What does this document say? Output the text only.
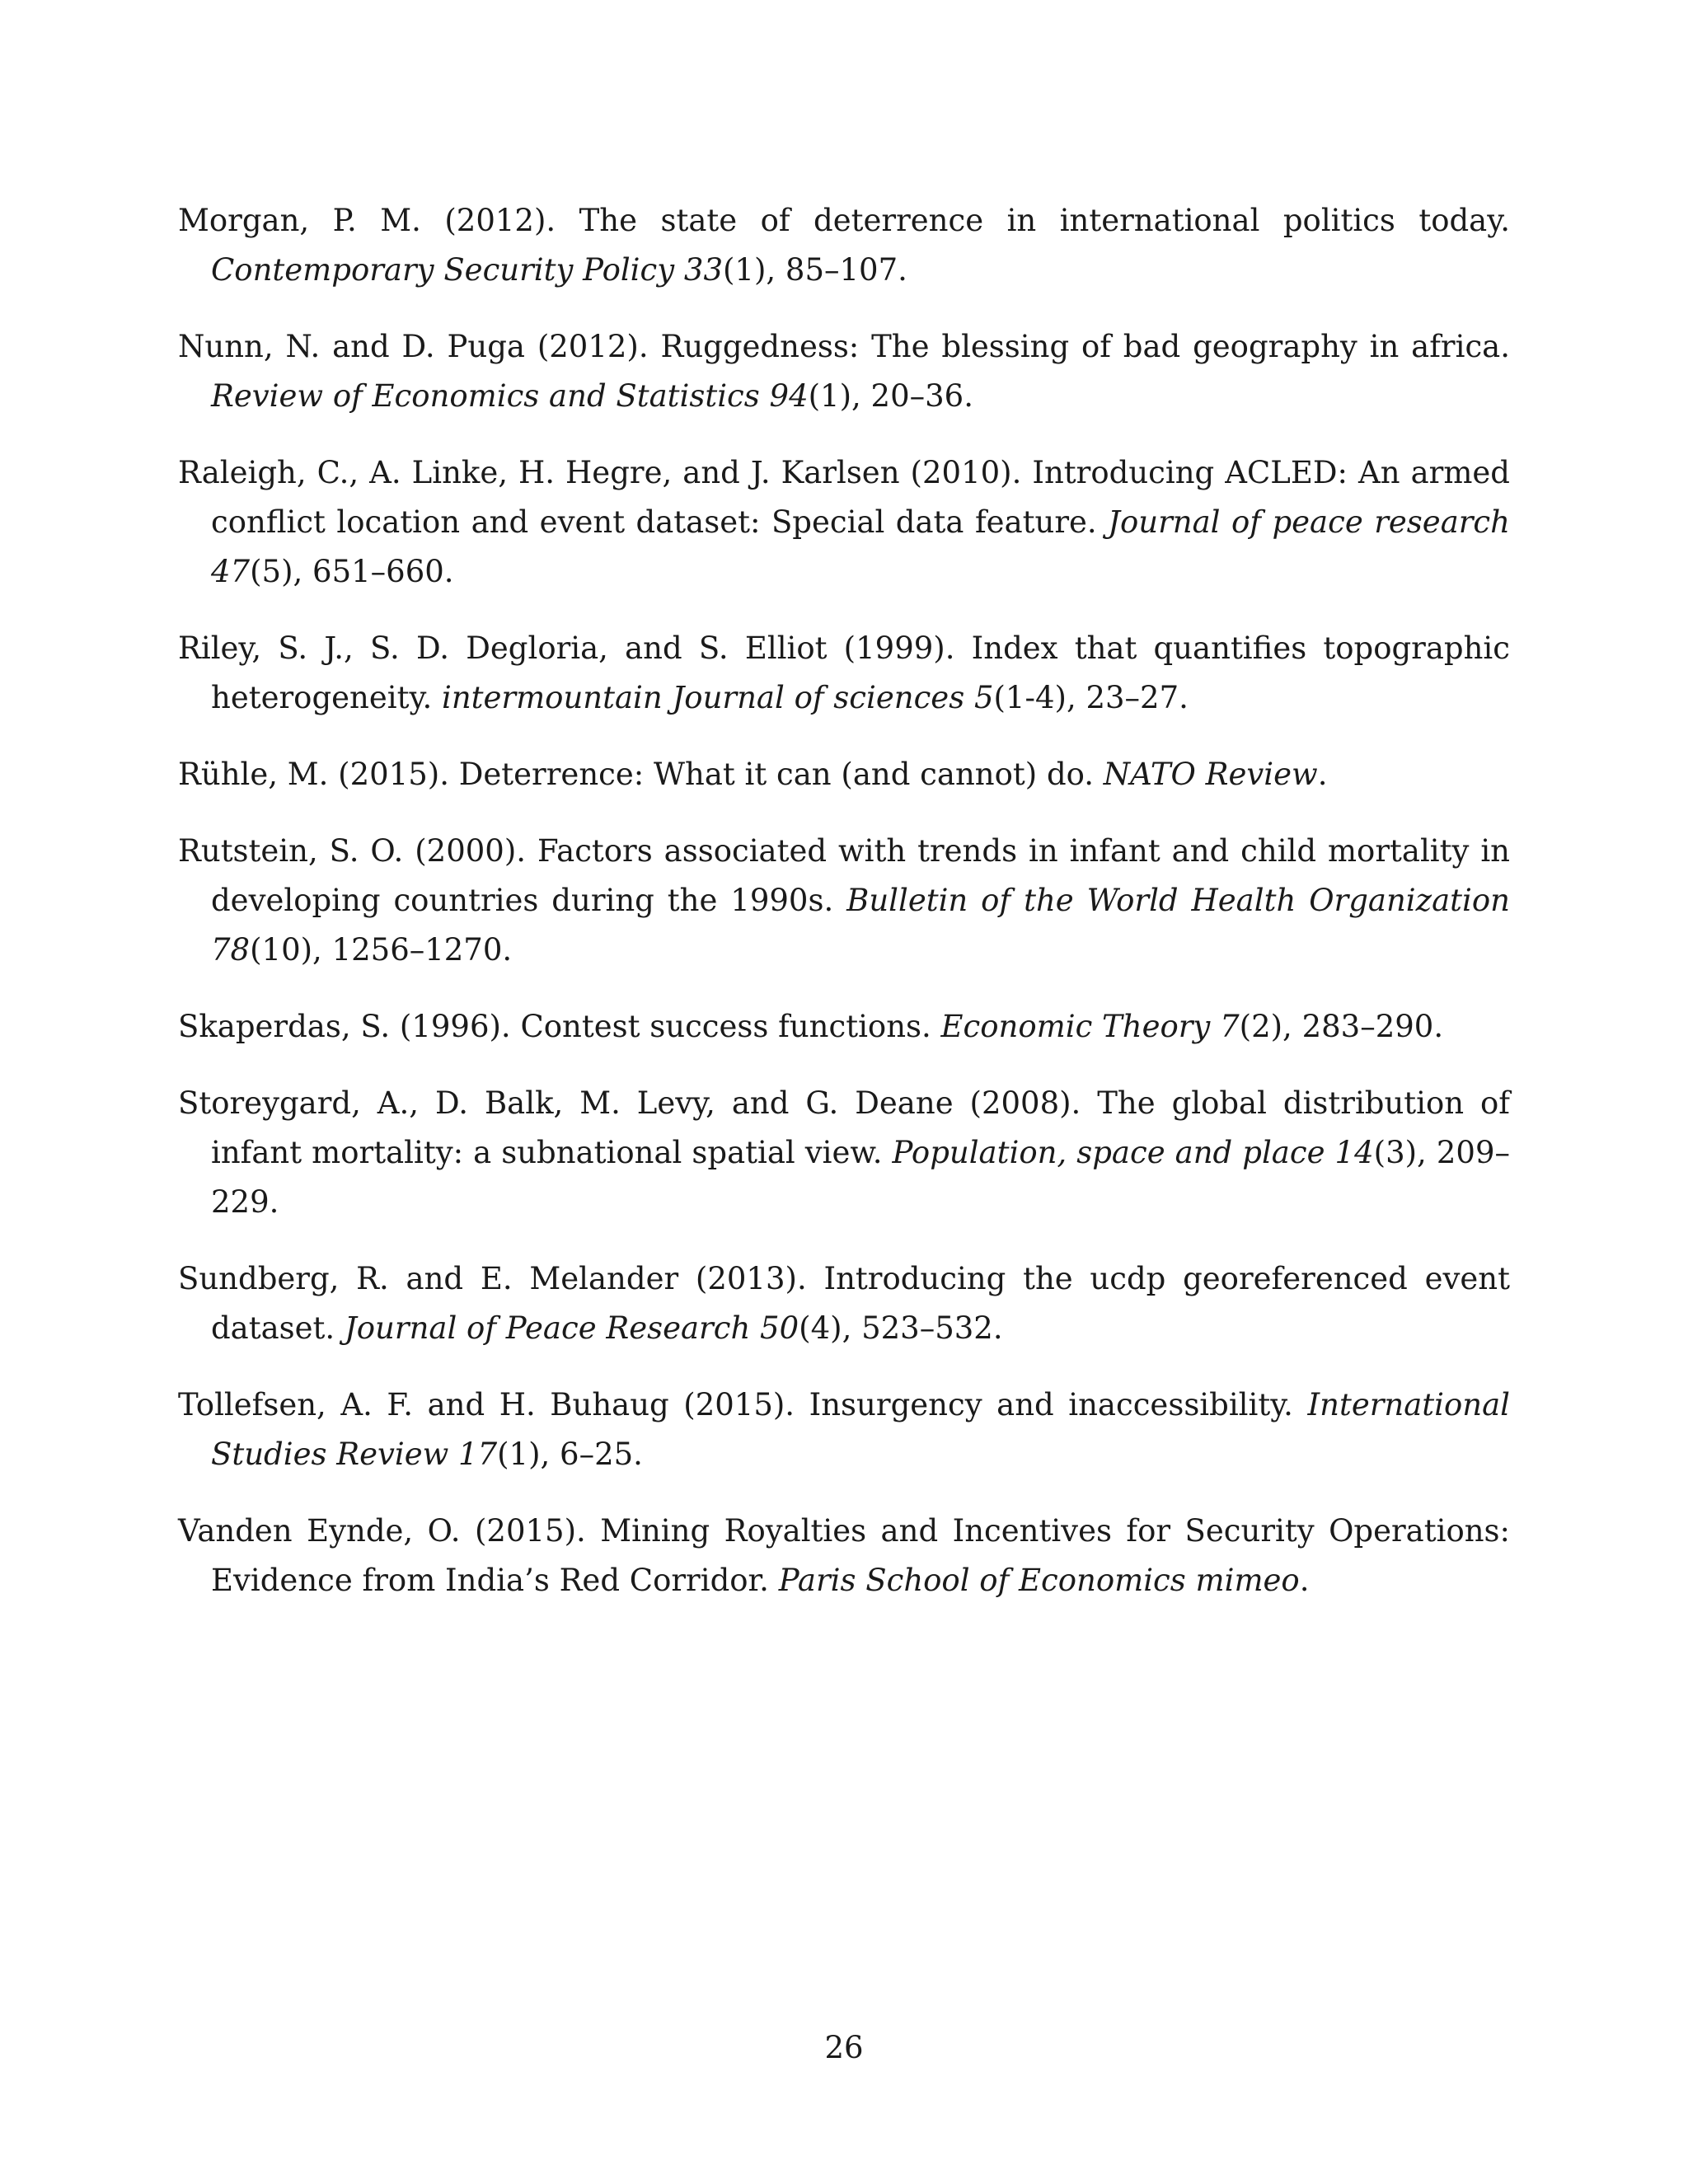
Morgan, P. M. (2012). The state of deterrence in international politics today. Contemporary Security Policy 33(1), 85–107.

Nunn, N. and D. Puga (2012). Ruggedness: The blessing of bad geography in africa. Review of Economics and Statistics 94(1), 20–36.

Raleigh, C., A. Linke, H. Hegre, and J. Karlsen (2010). Introducing ACLED: An armed conflict location and event dataset: Special data feature. Journal of peace research 47(5), 651–660.

Riley, S. J., S. D. Degloria, and S. Elliot (1999). Index that quantifies topographic heterogeneity. intermountain Journal of sciences 5(1-4), 23–27.

Rühle, M. (2015). Deterrence: What it can (and cannot) do. NATO Review.

Rutstein, S. O. (2000). Factors associated with trends in infant and child mortality in developing countries during the 1990s. Bulletin of the World Health Organization 78(10), 1256–1270.

Skaperdas, S. (1996). Contest success functions. Economic Theory 7(2), 283–290.

Storeygard, A., D. Balk, M. Levy, and G. Deane (2008). The global distribution of infant mortality: a subnational spatial view. Population, space and place 14(3), 209–229.

Sundberg, R. and E. Melander (2013). Introducing the ucdp georeferenced event dataset. Journal of Peace Research 50(4), 523–532.

Tollefsen, A. F. and H. Buhaug (2015). Insurgency and inaccessibility. International Studies Review 17(1), 6–25.

Vanden Eynde, O. (2015). Mining Royalties and Incentives for Security Operations: Evidence from India’s Red Corridor. Paris School of Economics mimeo.

26
